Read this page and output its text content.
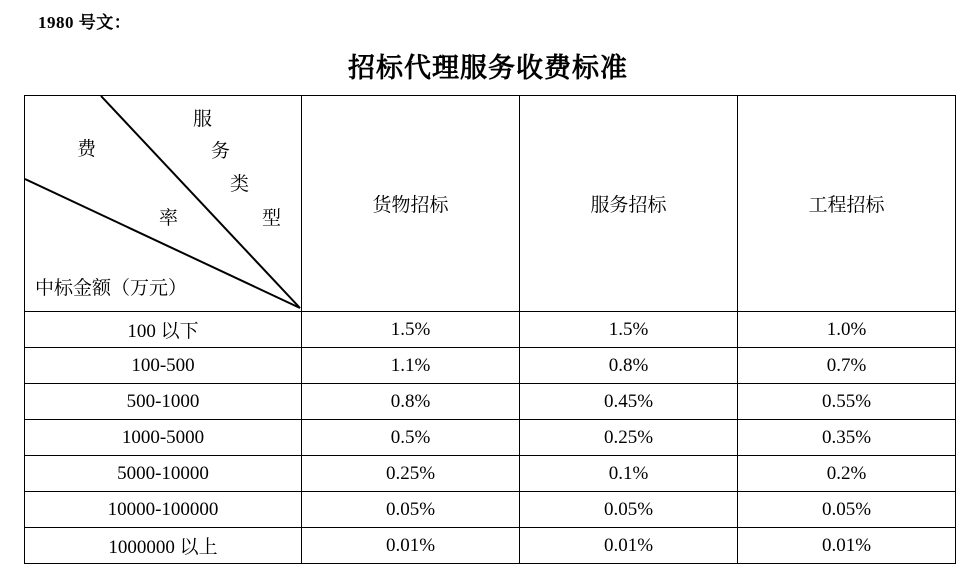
1980 号文：
招标代理服务收费标准
服
务
费
类
率	型
中标金额（万元）
	货物招标	服务招标	工程招标
100 以下	1.5%	1.5%	1.0%
100-500	1.1%	0.8%	0.7%
500-1000	0.8%	0.45%	0.55%
1000-5000	0.5%	0.25%	0.35%
5000-10000	0.25%	0.1%	0.2%
10000-100000	0.05%	0.05%	0.05%
1000000 以上	0.01%	0.01%	0.01%
